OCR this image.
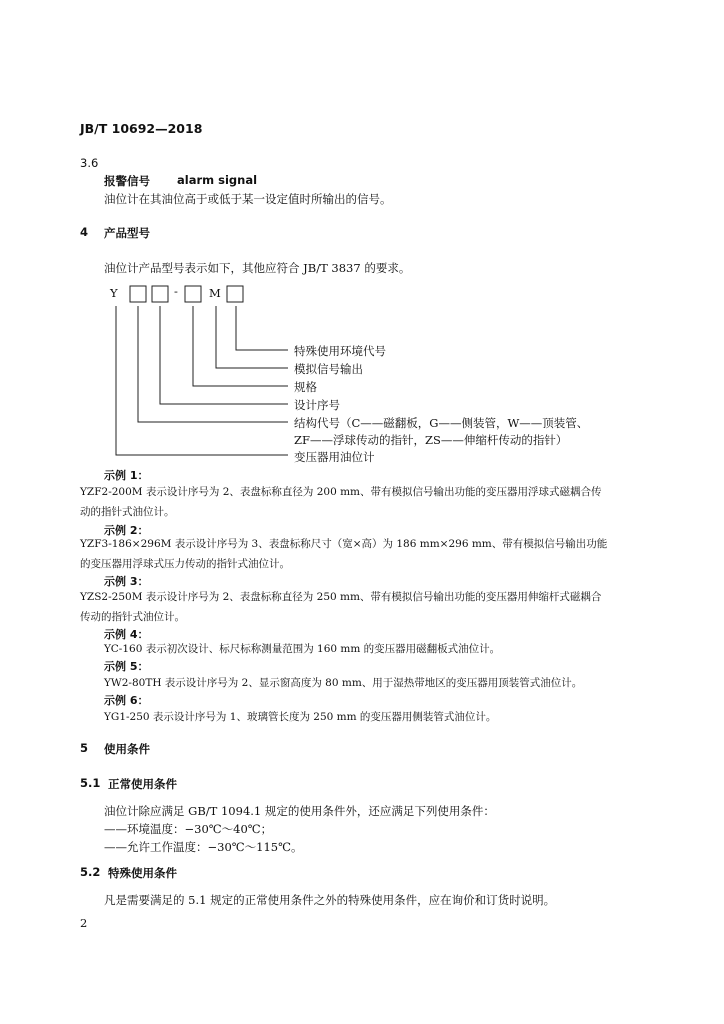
JB/T 10692—2018
3.6
报警信号 alarm signal
油位计在其油位高于或低于某一设定值时所输出的信号。
4 产品型号
油位计产品型号表示如下，其他应符合 JB/T 3837 的要求。
Y	-	M
特殊使用环境代号
模拟信号输出
规格
设计序号
结构代号（C——磁翻板，G——侧装管，W——顶装管、
ZF——浮球传动的指针，ZS——伸缩杆传动的指针）
变压器用油位计
示例 1：
YZF2-200M 表示设计序号为 2、表盘标称直径为 200 mm、带有模拟信号输出功能的变压器用浮球式磁耦合传动的指针式油位计。
示例 2：
YZF3-186×296M 表示设计序号为 3、表盘标称尺寸（宽×高）为 186 mm×296 mm、带有模拟信号输出功能的变压器用浮球式压力传动的指针式油位计。
示例 3：
YZS2-250M 表示设计序号为 2、表盘标称直径为 250 mm、带有模拟信号输出功能的变压器用伸缩杆式磁耦合传动的指针式油位计。
示例 4：
YC-160 表示初次设计、标尺标称测量范围为 160 mm 的变压器用磁翻板式油位计。
示例 5：
YW2-80TH 表示设计序号为 2、显示窗高度为 80 mm、用于湿热带地区的变压器用顶装管式油位计。
示例 6：
YG1-250 表示设计序号为 1、玻璃管长度为 250 mm 的变压器用侧装管式油位计。
5 使用条件
5.1 正常使用条件
油位计除应满足 GB/T 1094.1 规定的使用条件外，还应满足下列使用条件：
——环境温度：−30℃～40℃；
——允许工作温度：−30℃～115℃。
5.2 特殊使用条件
凡是需要满足的 5.1 规定的正常使用条件之外的特殊使用条件，应在询价和订货时说明。
2
